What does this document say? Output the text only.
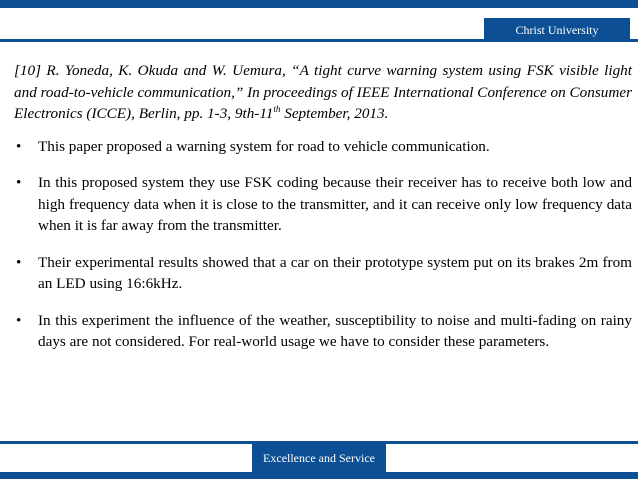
Christ University

[10] R. Yoneda, K. Okuda and W. Uemura, “A tight curve warning system using FSK visible light and road-to-vehicle communication,” In proceedings of IEEE International Conference on Consumer Electronics (ICCE), Berlin, pp. 1-3, 9th-11th September, 2013.

• This paper proposed a warning system for road to vehicle communication.
• In this proposed system they use FSK coding because their receiver has to receive both low and high frequency data when it is close to the transmitter, and it can receive only low frequency data when it is far away from the transmitter.
• Their experimental results showed that a car on their prototype system put on its brakes 2m from an LED using 16:6kHz.
• In this experiment the influence of the weather, susceptibility to noise and multi-fading on rainy days are not considered. For real-world usage we have to consider these parameters.
Excellence and Service
